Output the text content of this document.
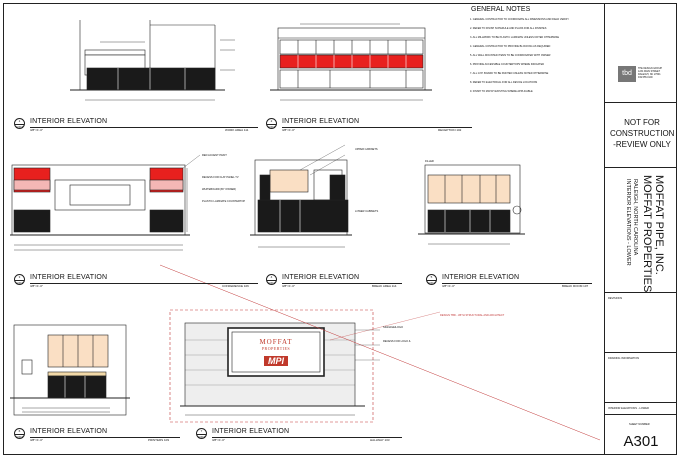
MOFFAT
PROPERTIES
MPI
1
A301
INTERIOR ELEVATION
3/8"=1'-0"	WORK AREA 111
2
A301
INTERIOR ELEVATION
3/8"=1'-0"	RECEPTION 102
3
A301
INTERIOR ELEVATION
3/8"=1'-0"	CONFERENCE 106
4
A301
INTERIOR ELEVATION
3/8"=1'-0"	BREAK AREA 114
5
A301
INTERIOR ELEVATION
3/8"=1'-0"	BREAK ROOM 107
6
A301
INTERIOR ELEVATION
3/8"=1'-0"	PRINTERS 109
7
A301
INTERIOR ELEVATION
3/8"=1'-0"	HALLWAY 103
RED ACCENT PAINT
RECESS FOR FLAT PANEL TV
WHITEBOARD (BY OWNER)
PLASTIC LAMINATE COUNTERTOP
UPPER CABINETS
LOWER CABINETS
FILLER
DESIGN TBD - WITH STRUCTURAL AND ARCHITECT
SIGNAGE/LOGO
RECESS FOR LOGO &
GENERAL NOTES
1. GENERAL CONTRACTOR TO COORDINATE ALL DIMENSIONS AND FIELD VERIFY
2. REFER TO FINISH SCHEDULE AND PLANS FOR ALL FINISHES
3. ALL MILLWORK TO BE PLASTIC LAMINATE UNLESS NOTED OTHERWISE
4. GENERAL CONTRACTOR TO PROVIDE BLOCKING AS REQUIRED
5. ALL WALL MOUNTED ITEMS TO BE COORDINATED WITH OWNER
6. PROVIDE ACCESSIBLE COUNTERTOPS WHERE INDICATED
7. ALL GYP. BOARD TO BE PAINTED UNLESS NOTED OTHERWISE
8. REFER TO ELECTRICAL FOR ALL DEVICE LOCATIONS
9. FINISH TO MATCH EXISTING WHERE APPLICABLE
tbd
THE DESIGN GROUP
1234 MAIN STREET
RALEIGH, NC 27601
919.555.0100
NOT FOR
CONSTRUCTION
-REVIEW ONLY
MOFFAT PIPE, INC.
MOFFAT PROPERTIES
RALEIGH, NORTH CAROLINA
INTERIOR ELEVATIONS - LOWER
REVISIONS
DRAWING INFORMATION
INTERIOR ELEVATIONS - LOWER
SHEET NUMBER
A301
